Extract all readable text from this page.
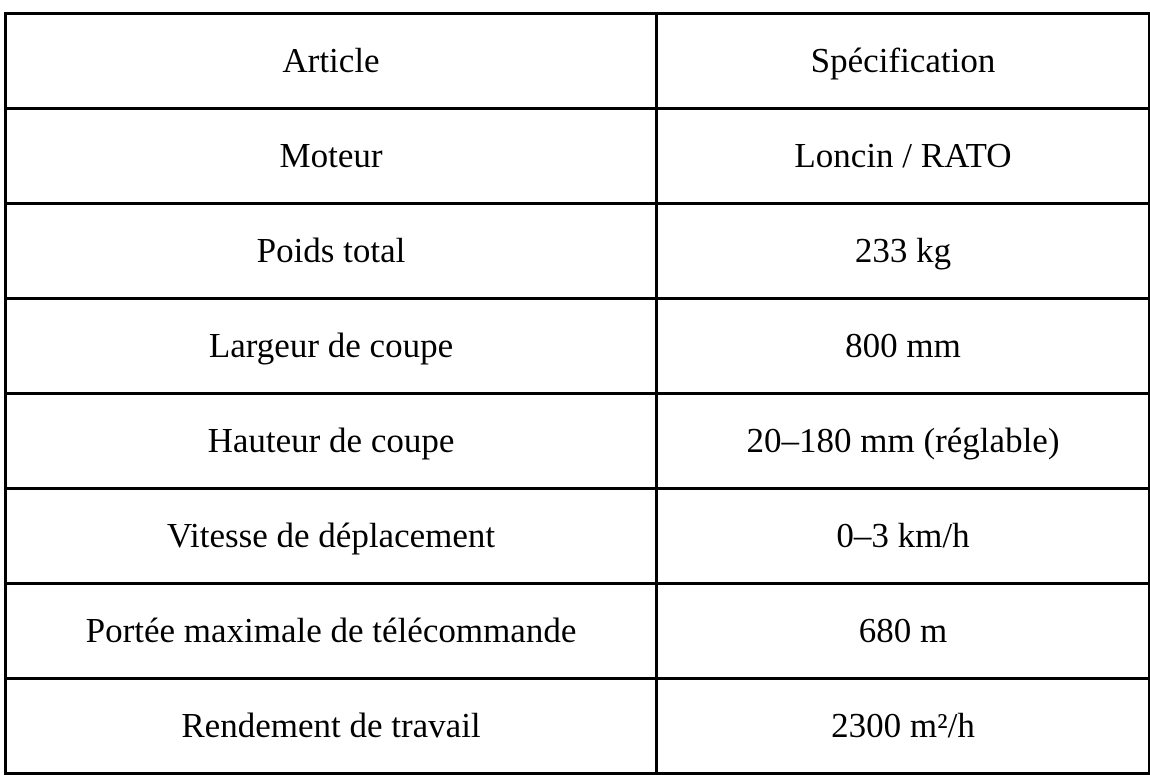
Article	Spécification
Moteur	Loncin / RATO
Poids total	233 kg
Largeur de coupe	800 mm
Hauteur de coupe	20–180 mm (réglable)
Vitesse de déplacement	0–3 km/h
Portée maximale de télécommande	680 m
Rendement de travail	2300 m²/h
